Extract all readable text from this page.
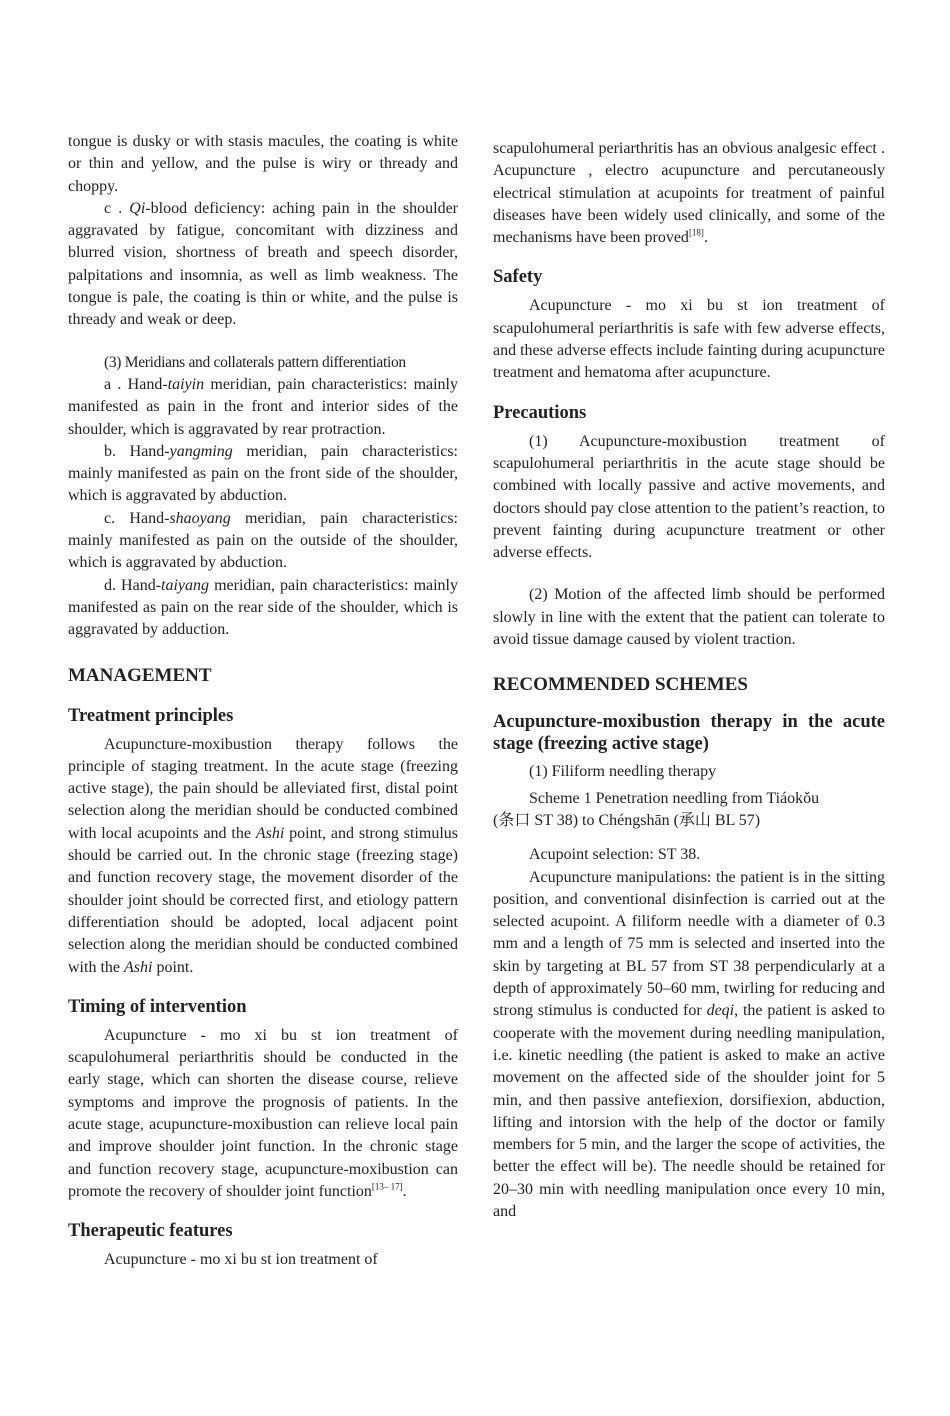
tongue is dusky or with stasis macules, the coating is white or thin and yellow, and the pulse is wiry or thready and choppy.

c . Qi-blood deficiency: aching pain in the shoulder aggravated by fatigue, concomitant with dizziness and blurred vision, shortness of breath and speech disorder, palpitations and insomnia, as well as limb weakness. The tongue is pale, the coating is thin or white, and the pulse is thready and weak or deep.

(3) Meridians and collaterals pattern differentiation

a . Hand-taiyin meridian, pain characteristics: mainly manifested as pain in the front and interior sides of the shoulder, which is aggravated by rear protraction.

b. Hand-yangming meridian, pain characteristics: mainly manifested as pain on the front side of the shoulder, which is aggravated by abduction.

c. Hand-shaoyang meridian, pain characteristics: mainly manifested as pain on the outside of the shoulder, which is aggravated by abduction.

d. Hand-taiyang meridian, pain characteristics: mainly manifested as pain on the rear side of the shoulder, which is aggravated by adduction.

MANAGEMENT
Treatment principles

Acupuncture-moxibustion therapy follows the principle of staging treatment. In the acute stage (freezing active stage), the pain should be alleviated first, distal point selection along the meridian should be conducted combined with local acupoints and the Ashi point, and strong stimulus should be carried out. In the chronic stage (freezing stage) and function recovery stage, the movement disorder of the shoulder joint should be corrected first, and etiology pattern differentiation should be adopted, local adjacent point selection along the meridian should be conducted combined with the Ashi point.

Timing of intervention

Acupuncture - mo xi bu st ion treatment of scapulohumeral periarthritis should be conducted in the early stage, which can shorten the disease course, relieve symptoms and improve the prognosis of patients. In the acute stage, acupuncture-moxibustion can relieve local pain and improve shoulder joint function. In the chronic stage and function recovery stage, acupuncture-moxibustion can promote the recovery of shoulder joint function[13– 17].

Therapeutic features

Acupuncture - mo xi bu st ion treatment of

scapulohumeral periarthritis has an obvious analgesic effect . Acupuncture , electro acupuncture and percutaneously electrical stimulation at acupoints for treatment of painful diseases have been widely used clinically, and some of the mechanisms have been proved[18].

Safety

Acupuncture - mo xi bu st ion treatment of scapulohumeral periarthritis is safe with few adverse effects, and these adverse effects include fainting during acupuncture treatment and hematoma after acupuncture.

Precautions

(1) Acupuncture-moxibustion treatment of scapulohumeral periarthritis in the acute stage should be combined with locally passive and active movements, and doctors should pay close attention to the patient’s reaction, to prevent fainting during acupuncture treatment or other adverse effects.

(2) Motion of the affected limb should be performed slowly in line with the extent that the patient can tolerate to avoid tissue damage caused by violent traction.

RECOMMENDED SCHEMES
Acupuncture-moxibustion therapy in the acute stage (freezing active stage)

(1) Filiform needling therapy

Scheme 1 Penetration needling from Tiáokǒu

(条口 ST 38) to Chéngshān (承山 BL 57)

Acupoint selection: ST 38.

Acupuncture manipulations: the patient is in the sitting position, and conventional disinfection is carried out at the selected acupoint. A filiform needle with a diameter of 0.3 mm and a length of 75 mm is selected and inserted into the skin by targeting at BL 57 from ST 38 perpendicularly at a depth of approximately 50–60 mm, twirling for reducing and strong stimulus is conducted for deqi, the patient is asked to cooperate with the movement during needling manipulation, i.e. kinetic needling (the patient is asked to make an active movement on the affected side of the shoulder joint for 5 min, and then passive antefiexion, dorsifiexion, abduction, lifting and intorsion with the help of the doctor or family members for 5 min, and the larger the scope of activities, the better the effect will be). The needle should be retained for 20–30 min with needling manipulation once every 10 min, and
